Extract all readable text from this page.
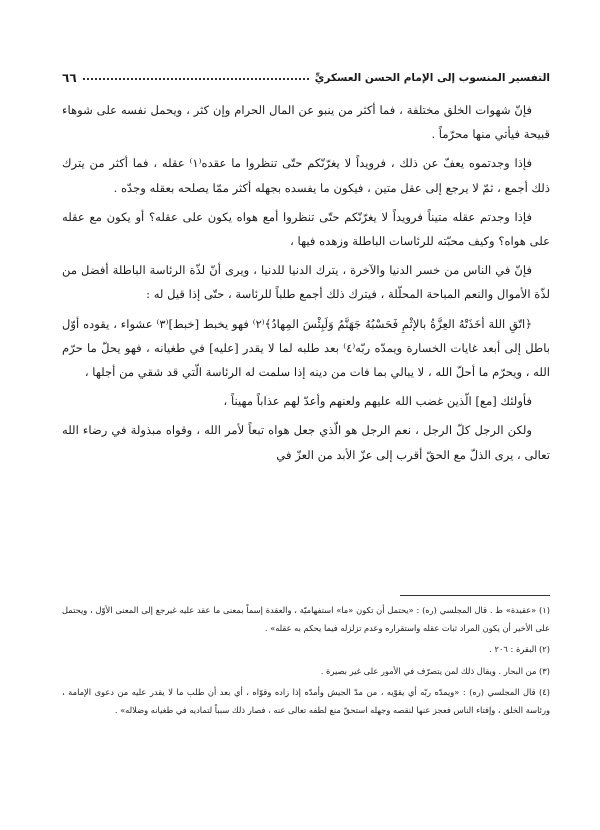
التفسير المنسوب إلى الإمام الحسن العسكريِّ
٦٦

فإنّ شهوات الخلق مختلفة ، فما أكثر من ينبو عن المال الحرام وإن كثر ، ويحمل نفسه على شوهاء قبيحة فيأتي منها محرّماً .

فإذا وجدتموه يعفّ عن ذلك ، فرويداً لا يغرّنّكم حتّى تنظروا ما عقده⁽١⁾ عقله ، فما أكثر من يترك ذلك أجمع ، ثمّ لا يرجع إلى عقل متين ، فيكون ما يفسده بجهله أكثر ممّا يصلحه بعقله وجدّه .

فإذا وجدتم عقله متيناً فرويداً لا يغرّنّكم حتّى تنظروا أمع هواه يكون على عقله؟ أو يكون مع عقله على هواه؟ وكيف محبّته للرئاسات الباطلة وزهده فيها ،

فإنّ في الناس من خسر الدنيا والآخرة ، يترك الدنيا للدنيا ، ويرى أنّ لذّة الرئاسة الباطلة أفضل من لذّة الأموال والنعم المباحة المحلّلة ، فيترك ذلك أجمع طلباً للرئاسة ، حتّى إذا قيل له :

﴿اتّقِ اللهَ أخَذَتْهُ العِزَّةُ بالإثْمِ فَحَسْبُهُ جَهَنَّمُ وَلَبِئْسَ المِهادُ﴾⁽٢⁾ فهو يخبط [خبط]⁽٣⁾ عشواء ، يقوده أوّل باطل إلى أبعد غايات الخسارة ويمدّه ربّه⁽٤⁾ بعد طلبه لما لا يقدر [عليه] في طغيانه ، فهو يحلّ ما حرّم الله ، ويحرّم ما أحلّ الله ، لا يبالي بما فات من دينه إذا سلمت له الرئاسة الّتي قد شقي من أجلها ،

فأولئك [مع] الّذين غضب الله عليهم ولعنهم وأعدّ لهم عذاباً مهيناً ،

ولكن الرجل كلّ الرجل ، نعم الرجل هو الّذي جعل هواه تبعاً لأمر الله ، وقواه مبذولة في رضاء الله تعالى ، يرى الذلّ مع الحقّ أقرب إلى عزّ الأبد من العزّ في

(١) «عقيدة» ط . قال المجلسي (ره) : «يحتمل أن تكون «ما» استفهاميّة ، والعقدة إسماً بمعنى ما عقد عليه غيرجع إلى المعنى الأوّل ، ويحتمل على الأخير أن يكون المراد ثبات عقله واستقراره وعدم تزلزله فيما يحكم به عقله» .

(٢) البقرة : ٢٠٦ .

(٣) من البحار . ويقال ذلك لمن يتصرّف في الأمور على غير بصيرة .

(٤) قال المجلسي (ره) : «ويمدّه ربّه أي يقوّيه ، من مدّ الجيش وأمدّه إذا زاده وقوّاه ، أي بعد أن طلب ما لا يقدر عليه من دعوى الإمامة ، ورئاسة الخلق ، وإفتاء الناس فعجز عنها لنقصه وجهله استحقّ منع لطفه تعالى عنه ، فصار ذلك سبباً لتماديه في طغيانه وضلاله» .
